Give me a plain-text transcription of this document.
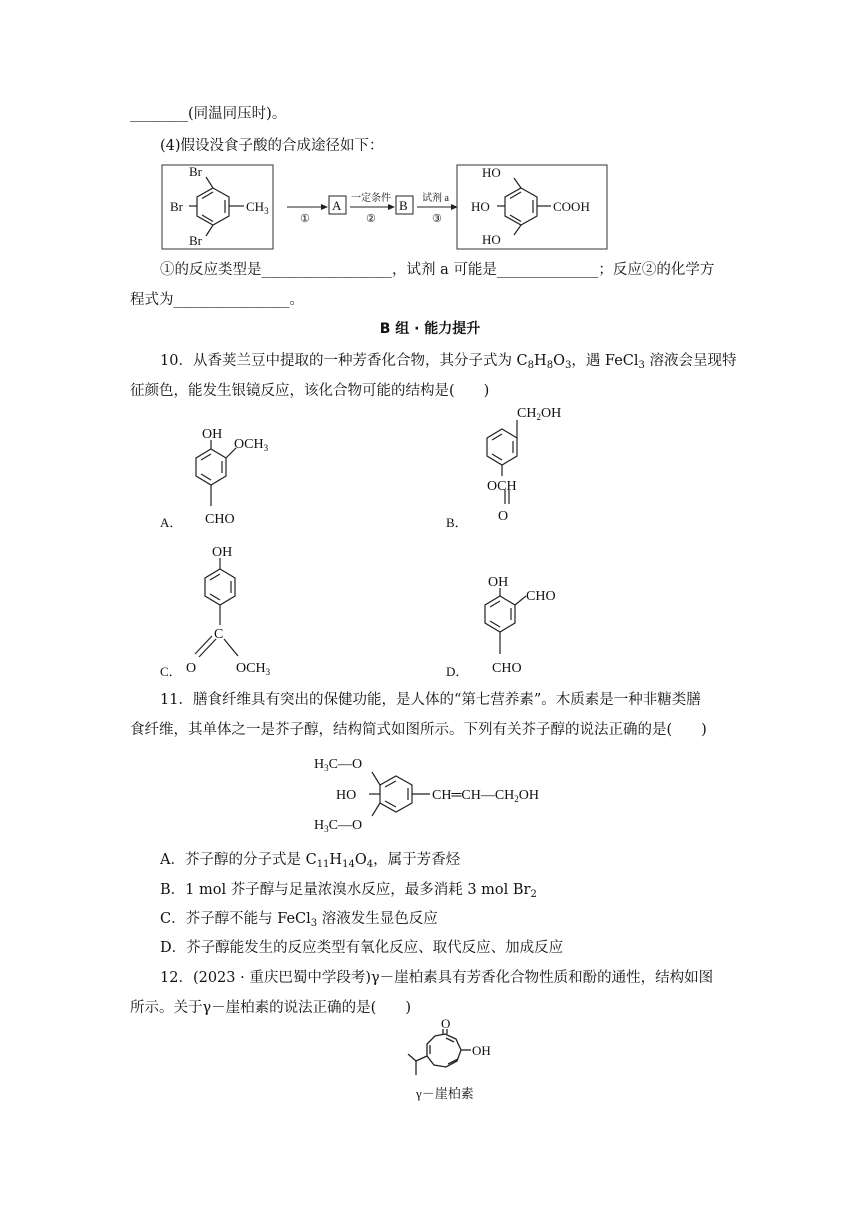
________(同温同压时)。
(4)假设没食子酸的合成途径如下：
Br
Br
Br
$CH_3$
①
A 一定条件
②
B 试剂 a
③
HO
HO
HO
COOH
①的反应类型是__________________，试剂 a 可能是______________；反应②的化学方
程式为________________。
B 组 · 能力提升
10．从香荚兰豆中提取的一种芳香化合物，其分子式为 $C_8H_8O_3$，遇 FeCl$_3$ 溶液会呈现特
征颜色，能发生银镜反应，该化合物可能的结构是(　　)
A．
OH
$OCH_3$
CHO	B．
$CH_2OH$
OCH
O
C．
OH
C
O	$OCH_3$	D．
OH
CHO
CHO
11．膳食纤维具有突出的保健功能，是人体的“第七营养素”。木质素是一种非糖类膳
食纤维，其单体之一是芥子醇，结构简式如图所示。下列有关芥子醇的说法正确的是(　　)
$H_3C—O$
HO	$CH═CH—CH_2OH$
$H_3C—O$
A．芥子醇的分子式是 $C_{11}H_{14}O_4$，属于芳香烃
B．1 mol 芥子醇与足量浓溴水反应，最多消耗 3 mol $Br_2$
C．芥子醇不能与 FeCl$_3$ 溶液发生显色反应
D．芥子醇能发生的反应类型有氧化反应、取代反应、加成反应
12．(2023 · 重庆巴蜀中学段考)γ－崖柏素具有芳香化合物性质和酚的通性，结构如图
所示。关于γ－崖柏素的说法正确的是(　　)
O
OH
γ－崖柏素
